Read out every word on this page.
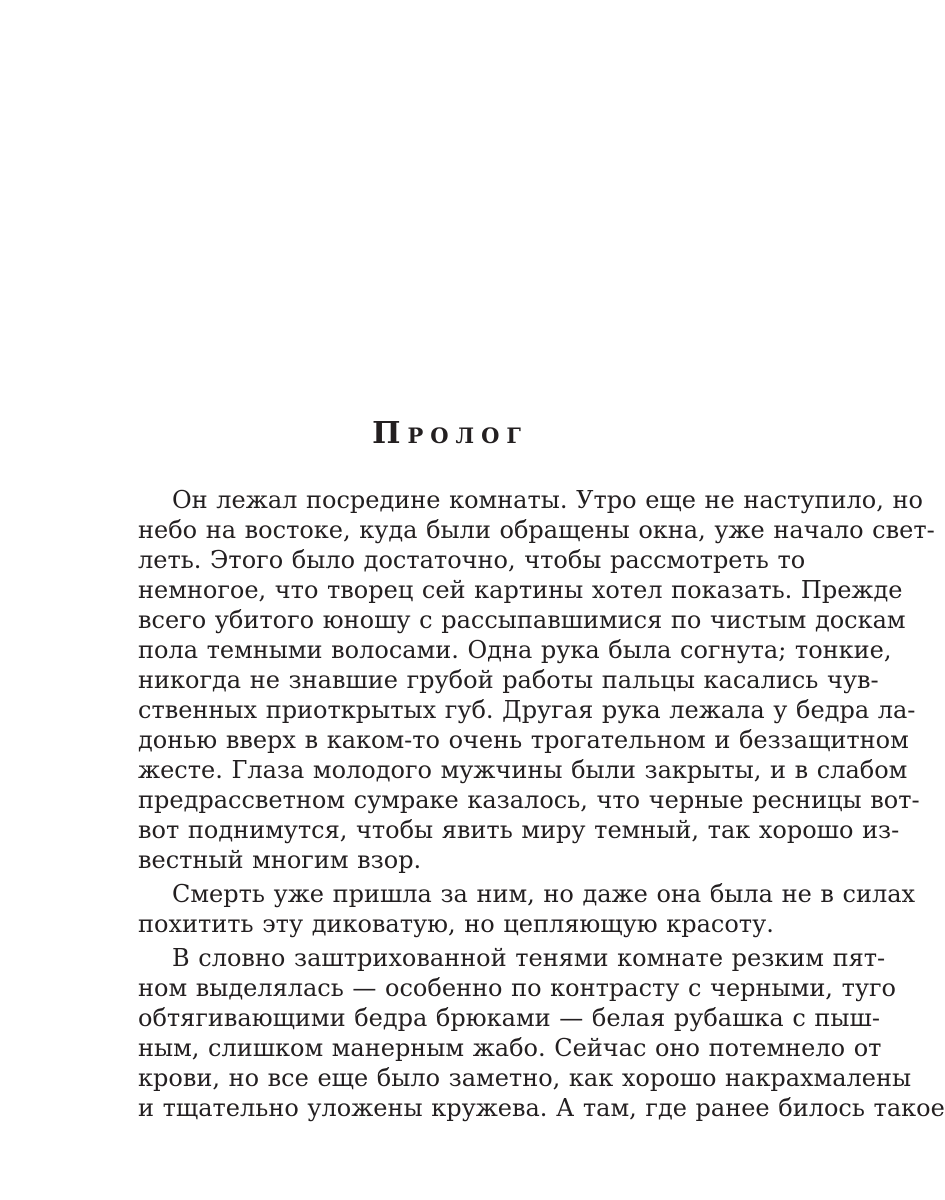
Пролог
Он лежал посредине комнаты. Утро еще не наступило, но
небо на востоке, куда были обращены окна, уже начало свет-
леть. Этого было достаточно, чтобы рассмотреть то
немногое, что творец сей картины хотел показать. Прежде
всего убитого юношу с рассыпавшимися по чистым доскам
пола темными волосами. Одна рука была согнута; тонкие,
никогда не знавшие грубой работы пальцы касались чув-
ственных приоткрытых губ. Другая рука лежала у бедра ла-
донью вверх в каком-то очень трогательном и беззащитном
жесте. Глаза молодого мужчины были закрыты, и в слабом
предрассветном сумраке казалось, что черные ресницы вот-
вот поднимутся, чтобы явить миру темный, так хорошо из-
вестный многим взор.
Смерть уже пришла за ним, но даже она была не в силах
похитить эту диковатую, но цепляющую красоту.
В словно заштрихованной тенями комнате резким пят-
ном выделялась — особенно по контрасту с черными, туго
обтягивающими бедра брюками — белая рубашка с пыш-
ным, слишком манерным жабо. Сейчас оно потемнело от
крови, но все еще было заметно, как хорошо накрахмалены
и тщательно уложены кружева. А там, где ранее билось такое
